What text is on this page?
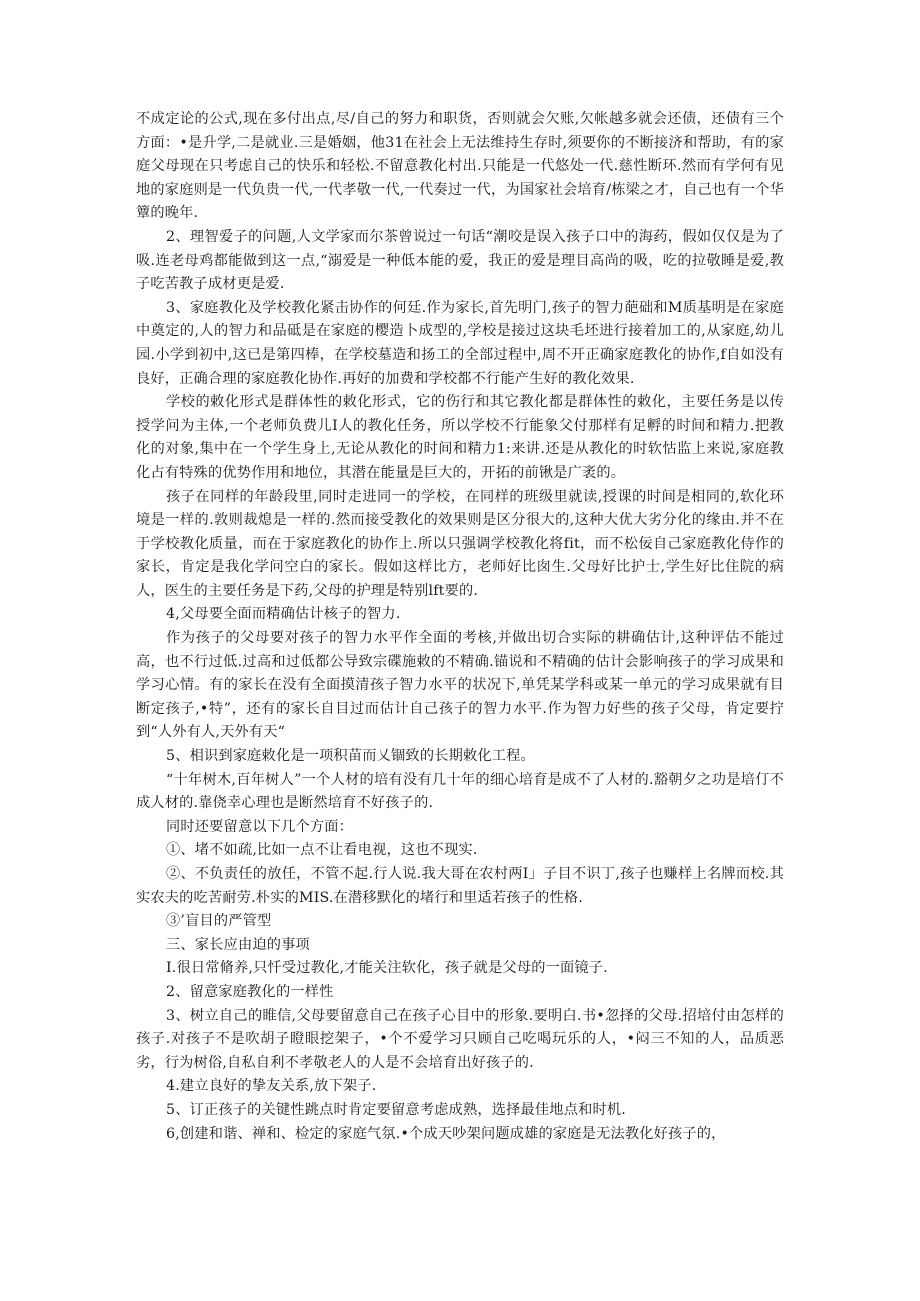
不成定论的公式,现在多付出点,尽/自己的努力和职货，否则就会欠账,欠帐越多就会还债，还债有三个方面：•是升学,二是就业.三是婚姻，他31在社会上无法维持生存时,须要你的不断接济和帮助，有的家庭父母现在只考虑自己的快乐和轻松.不留意教化村出.只能是一代悠处一代.慈性断环.然而有学何有见地的家庭则是一代负贵一代,一代孝敬一代,一代奏过一代，为国家社会培育/栋梁之才，自己也有一个华簟的晚年.

2、理智爱子的问题,人文学家而尔茶曾说过一句话“潮咬是误入孩子口中的海药，假如仅仅是为了吸.连老母鸡都能做到这一点,“溺爱是一种低本能的爱，我正的爱是理目高尚的吸，吃的拉敬睡是爱,教子吃苦教子成材更是爱.

3、家庭教化及学校教化紧击协作的何廷.作为家长,首先明门,孩子的智力葩础和M质基明是在家庭中奠定的,人的智力和品砥是在家庭的樱造卜成型的,学校是接过这块毛坯进行接着加工的,从家庭,幼儿园.小学到初中,这已是第四棒，在学校墓造和扬工的全部过程中,周不开正确家庭教化的协作,f自如没有良好，正确合理的家庭教化协作.再好的加费和学校都不行能产生好的教化效果.

学校的敕化形式是群体性的敕化形式，它的伤行和其它教化都是群体性的敕化，主要任务是以传授学问为主体,一个老师负费儿I人的教化任务，所以学校不行能象父付那样有足孵的时间和精力.把教化的对象,集中在一个学生身上,无论从教化的时间和精力1:来讲.还是从教化的时软怙监上来说,家庭教化占有特殊的优势作用和地位，其潜在能量是巨大的，开拓的前锹是广袤的。

孩子在同样的年龄段里,同时走进同一的学校，在同样的班级里就读,授课的时间是相同的,软化环境是一样的.敦则裁熄是一样的.然而接受教化的效果则是区分很大的,这种大优大劣分化的缘由.并不在于学校教化质量，而在于家庭教化的协作上.所以只强调学校教化将fit，而不松佞自己家庭教化侍作的家长，肯定是我化学问空白的家长。假如这样比方，老师好比囱生.父母好比护士,学生好比住院的病人，医生的主要任务是下药,父母的护理是特别lft要的.

4,父母要全面而精确估计核子的智力.

作为孩子的父母要对孩子的智力水平作全面的考核,并做出切合实际的耕确估计,这种评估不能过高，也不行过低.过高和过低都公导致宗碟施敕的不精确.锚说和不精确的估计会影响孩子的学习成果和学习心情。有的家长在没有全面摸清孩子智力水平的状况下,单凭某学科或某一单元的学习成果就有目断定孩子,•特”，还有的家长自目过而估计自己孩子的智力水平.作为智力好些的孩子父母，肯定要拧到“人外有人,天外有天“

5、相识到家庭敕化是一项积苗而乂锢致的长期敕化工程。

“十年树木,百年树人”一个人材的培有没有几十年的细心培育是成不了人材的.豁朝夕之功是培仃不成人材的.靠侥幸心理也是断然培育不好孩子的.

同时还要留意以下几个方面：

①、堵不如疏,比如一点不让看电视，这也不现实.

②、不负责任的放任，不管不起.行人说.我大哥在农村两I」子目不识丁,孩子也赚样上名牌而校.其实农夫的吃苦耐劳.朴实的MIS.在潜移默化的堵行和里适若孩子的性格.

③’盲目的严管型

三、家长应由迫的事项

I.很日常脩养,只忏受过教化,才能关注软化，孩子就是父母的一面镜子.

2、留意家庭教化的一样性

3、树立自己的睢信,父母要留意自己在孩子心目中的形象.要明白.书•忽择的父母.招培付由怎样的孩子.对孩子不是吹胡子瞪眼挖架子，•个不爱学习只顾自己吃喝玩乐的人，•闷三不知的人，品质恶劣，行为树俗,自私自利不孝敬老人的人是不会培育出好孩子的.

4.建立良好的挚友关系,放下架子.

5、订正孩子的关键性跳点时肯定要留意考虑成熟，选择最佳地点和时机.

6,创建和谐、禅和、检定的家庭气氛.•个成天吵架问题成雄的家庭是无法教化好孩子的，
